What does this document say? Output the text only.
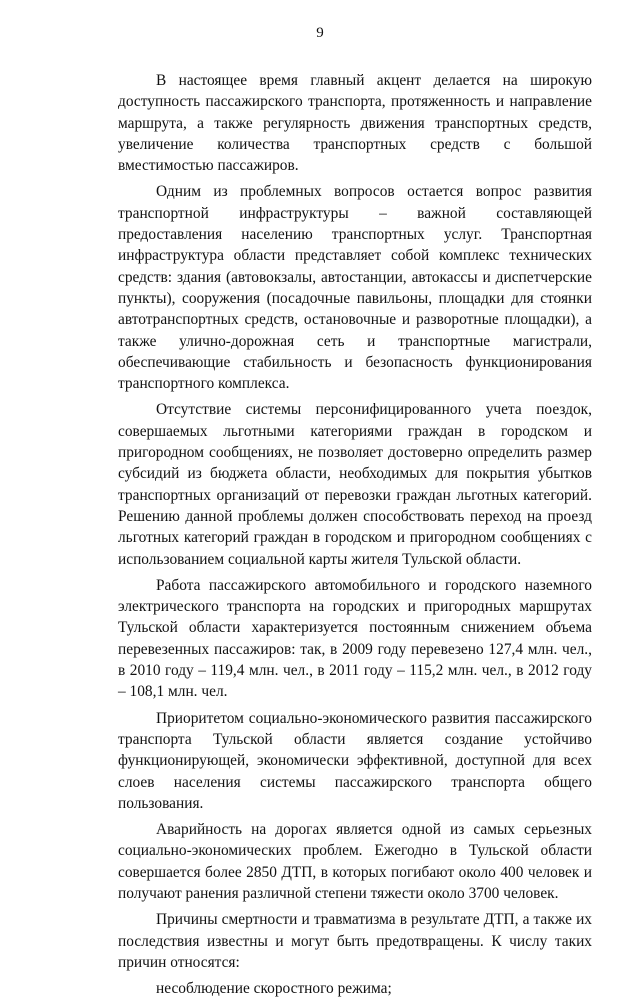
9

В настоящее время главный акцент делается на широкую доступность пассажирского транспорта, протяженность и направление маршрута, а также регулярность движения транспортных средств, увеличение количества транспортных средств с большой вместимостью пассажиров.

Одним из проблемных вопросов остается вопрос развития транспортной инфраструктуры – важной составляющей предоставления населению транспортных услуг. Транспортная инфраструктура области представляет собой комплекс технических средств: здания (автовокзалы, автостанции, автокассы и диспетчерские пункты), сооружения (посадочные павильоны, площадки для стоянки автотранспортных средств, остановочные и разворотные площадки), а также улично-дорожная сеть и транспортные магистрали, обеспечивающие стабильность и безопасность функционирования транспортного комплекса.

Отсутствие системы персонифицированного учета поездок, совершаемых льготными категориями граждан в городском и пригородном сообщениях, не позволяет достоверно определить размер субсидий из бюджета области, необходимых для покрытия убытков транспортных организаций от перевозки граждан льготных категорий. Решению данной проблемы должен способствовать переход на проезд льготных категорий граждан в городском и пригородном сообщениях с использованием социальной карты жителя Тульской области.

Работа пассажирского автомобильного и городского наземного электрического транспорта на городских и пригородных маршрутах Тульской области характеризуется постоянным снижением объема перевезенных пассажиров: так, в 2009 году перевезено 127,4 млн. чел., в 2010 году – 119,4 млн. чел., в 2011 году – 115,2 млн. чел., в 2012 году – 108,1 млн. чел.

Приоритетом социально-экономического развития пассажирского транспорта Тульской области является создание устойчиво функционирующей, экономически эффективной, доступной для всех слоев населения системы пассажирского транспорта общего пользования.

Аварийность на дорогах является одной из самых серьезных социально-экономических проблем. Ежегодно в Тульской области совершается более 2850 ДТП, в которых погибают около 400 человек и получают ранения различной степени тяжести около 3700 человек.

Причины смертности и травматизма в результате ДТП, а также их последствия известны и могут быть предотвращены. К числу таких причин относятся:

несоблюдение скоростного режима;
